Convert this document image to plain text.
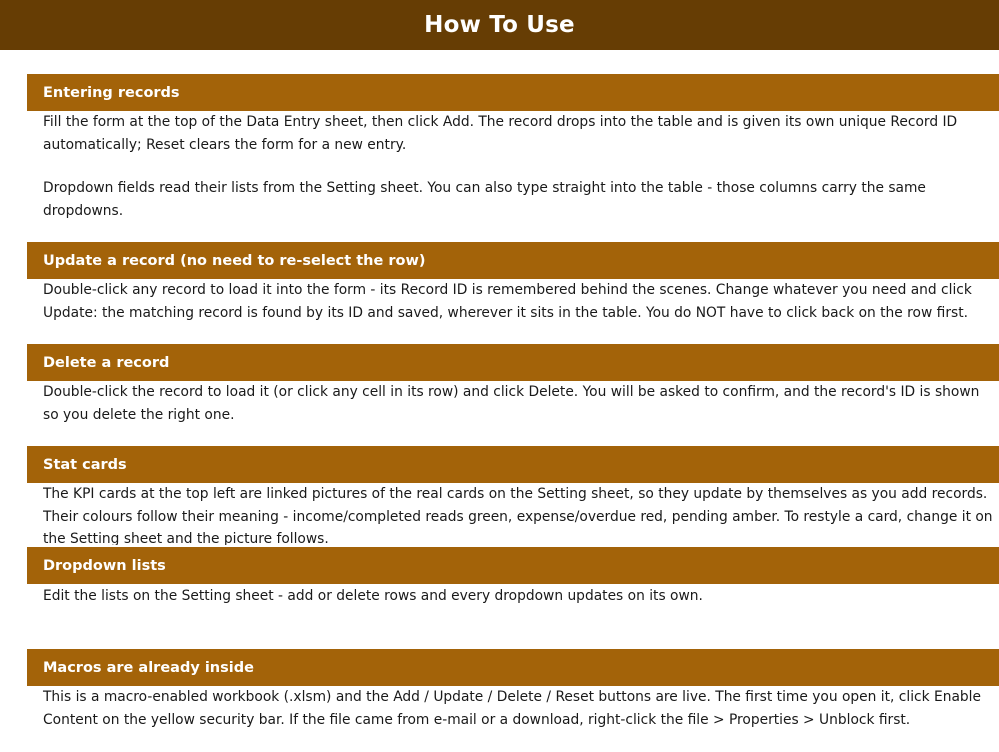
How To Use
Entering records

Fill the form at the top of the Data Entry sheet, then click Add. The record drops into the table and is given its own unique Record ID automatically; Reset clears the form for a new entry.

Dropdown fields read their lists from the Setting sheet. You can also type straight into the table - those columns carry the same dropdowns.

Update a record (no need to re-select the row)

Double-click any record to load it into the form - its Record ID is remembered behind the scenes. Change whatever you need and click Update: the matching record is found by its ID and saved, wherever it sits in the table. You do NOT have to click back on the row first.

Delete a record

Double-click the record to load it (or click any cell in its row) and click Delete. You will be asked to confirm, and the record's ID is shown so you delete the right one.

Stat cards

The KPI cards at the top left are linked pictures of the real cards on the Setting sheet, so they update by themselves as you add records. Their colours follow their meaning - income/completed reads green, expense/overdue red, pending amber. To restyle a card, change it on the Setting sheet and the picture follows.

Dropdown lists

Edit the lists on the Setting sheet - add or delete rows and every dropdown updates on its own.

Macros are already inside

This is a macro-enabled workbook (.xlsm) and the Add / Update / Delete / Reset buttons are live. The first time you open it, click Enable Content on the yellow security bar. If the file came from e-mail or a download, right-click the file > Properties > Unblock first.
